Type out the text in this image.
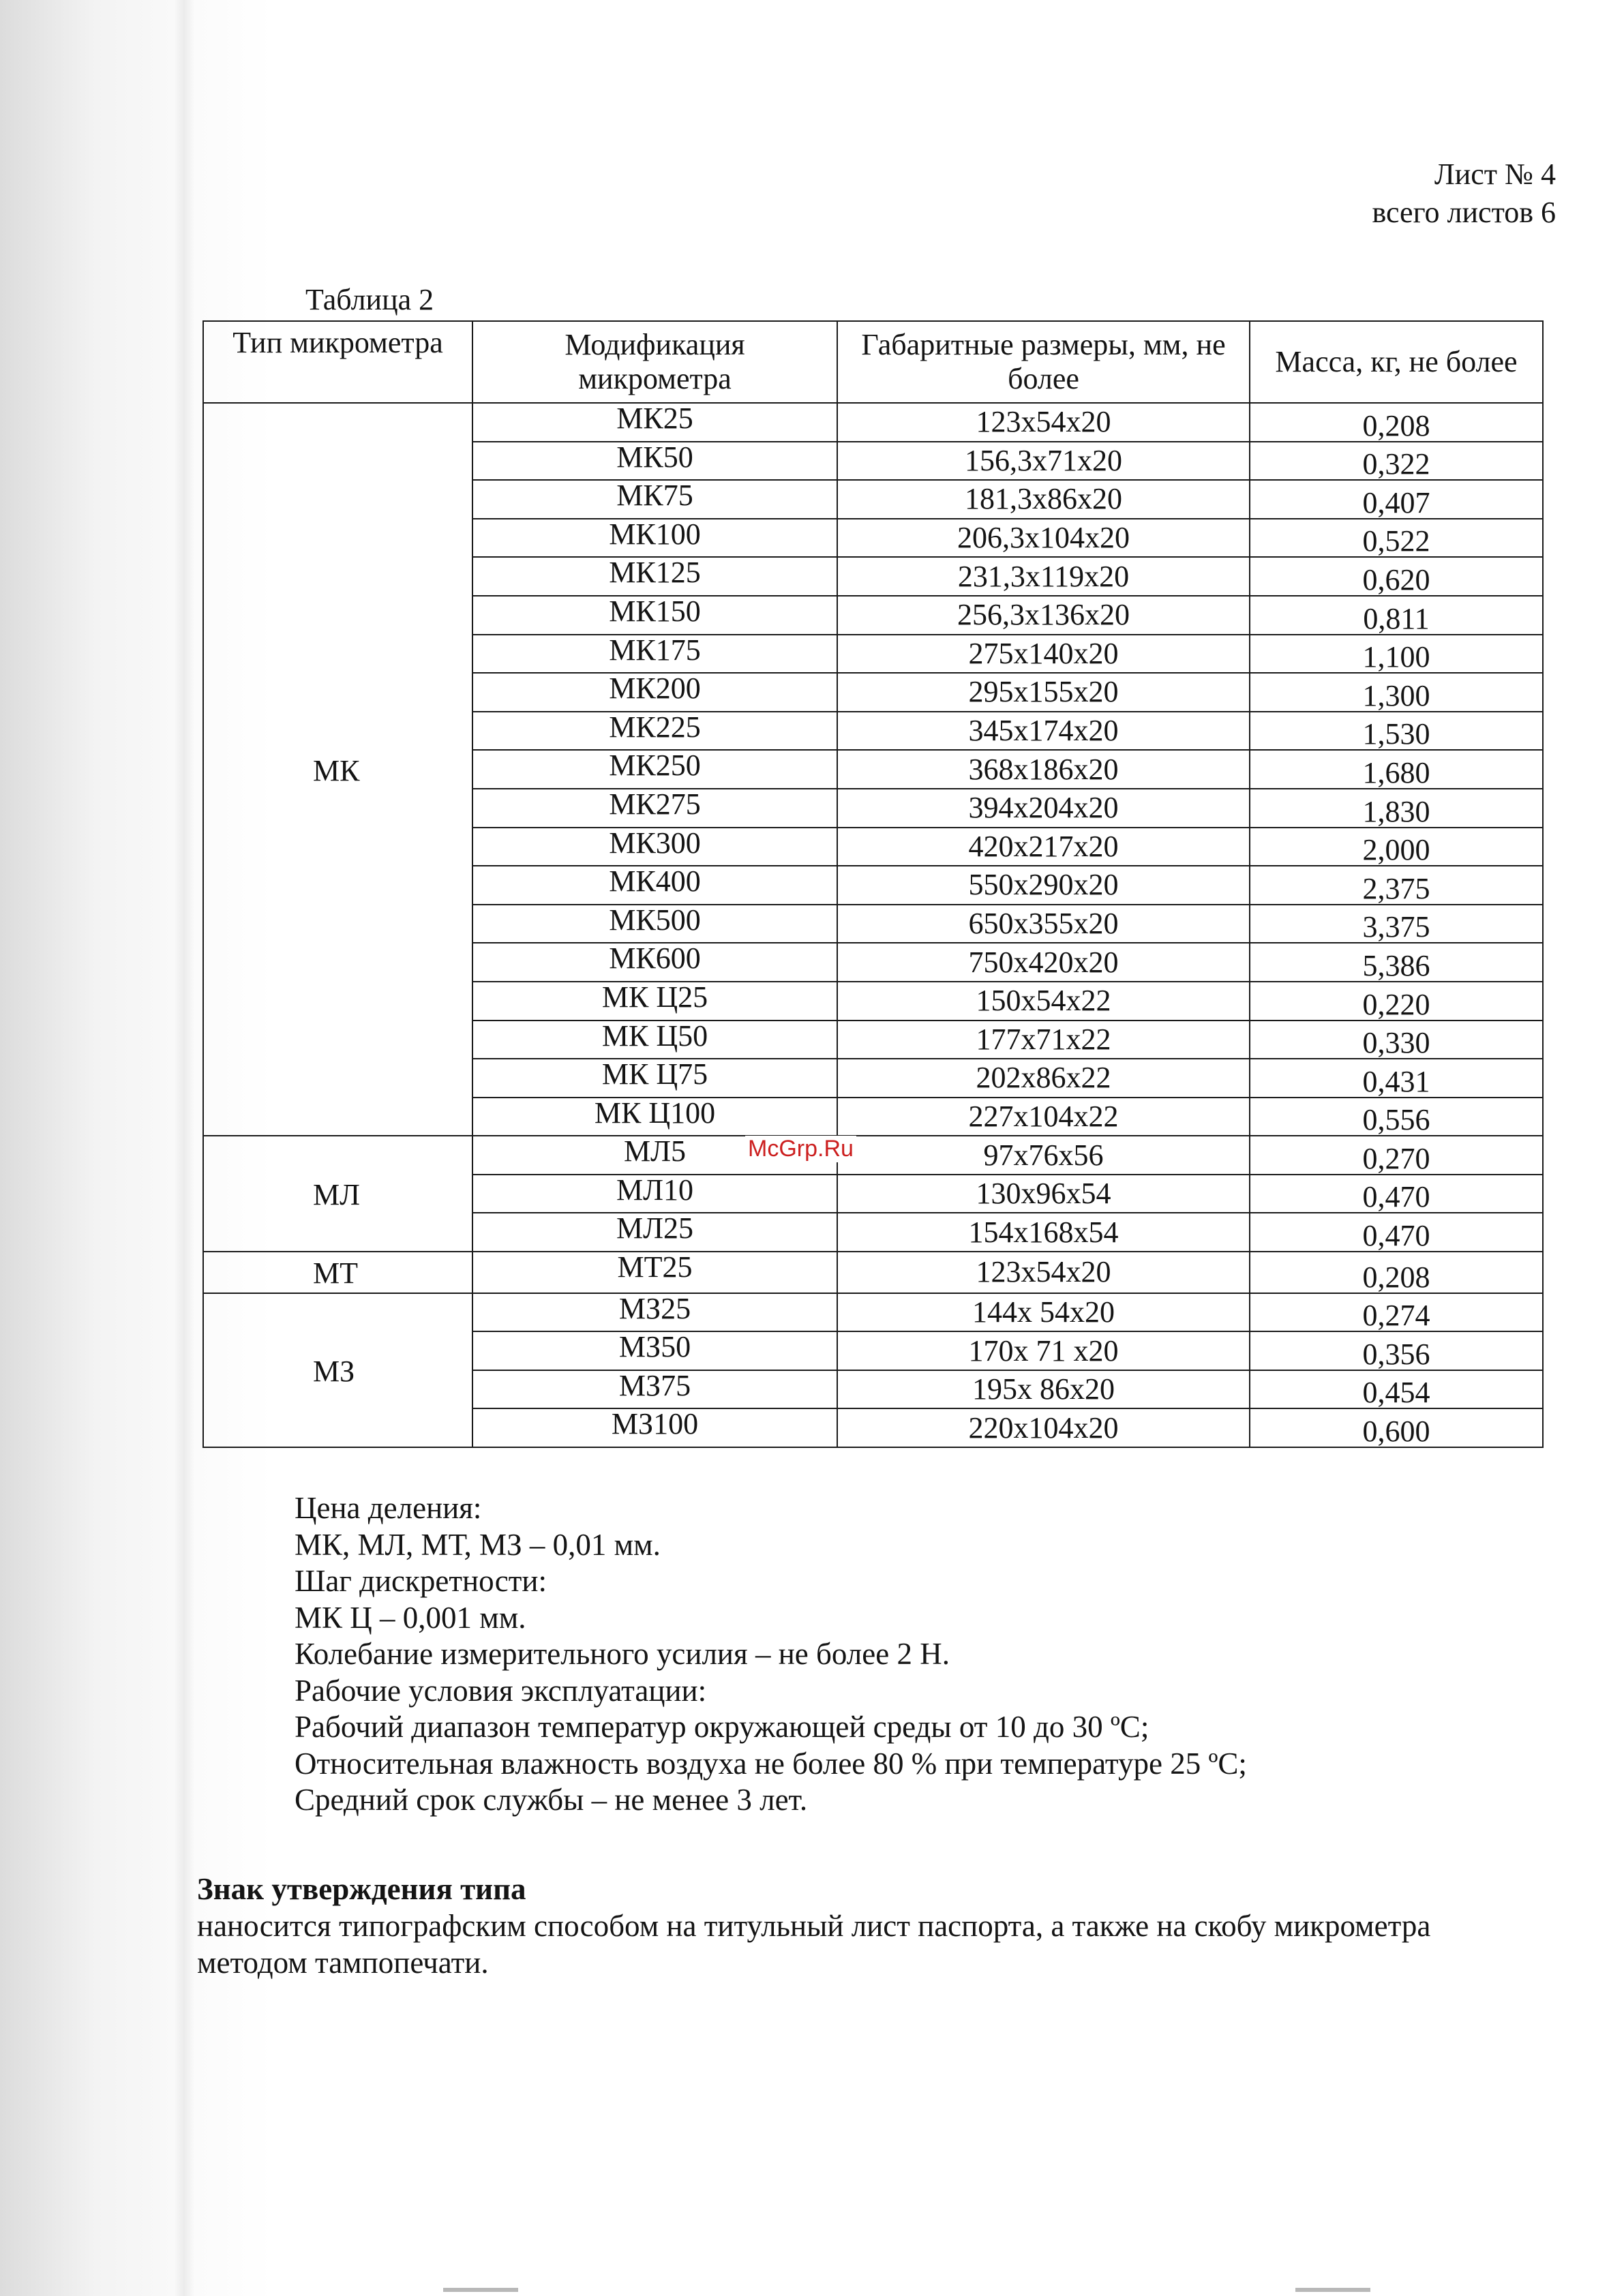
Лист № 4
всего листов 6
Таблица 2
Тип микрометра	Модификация микрометра	Габаритные размеры, мм, не более	Масса, кг, не более
МК	МК25	123x54x20	0,208
	МК50	156,3x71x20	0,322
	МК75	181,3x86x20	0,407
	МК100	206,3x104x20	0,522
	МК125	231,3x119x20	0,620
	МК150	256,3x136x20	0,811
	МК175	275x140x20	1,100
	МК200	295x155x20	1,300
	МК225	345x174x20	1,530
	МК250	368x186x20	1,680
	МК275	394x204x20	1,830
	МК300	420x217x20	2,000
	МК400	550x290x20	2,375
	МК500	650x355x20	3,375
	МК600	750x420x20	5,386
	МК Ц25	150x54x22	0,220
	МК Ц50	177x71x22	0,330
	МК Ц75	202x86x22	0,431
	МК Ц100	227x104x22	0,556
МЛ	МЛ5	97x76x56	0,270
	МЛ10	130x96x54	0,470
	МЛ25	154x168x54	0,470
МТ	МТ25	123x54x20	0,208
МЗ	МЗ25	144x 54x20	0,274
	МЗ50	170x 71 x20	0,356
	МЗ75	195x 86x20	0,454
	МЗ100	220x104x20	0,600
McGrp.Ru
Цена деления:
МК, МЛ, МТ, МЗ – 0,01 мм.
Шаг дискретности:
МК Ц – 0,001 мм.
Колебание измерительного усилия – не более 2 Н.
Рабочие условия эксплуатации:
Рабочий диапазон температур окружающей среды от 10 до 30 ºС;
Относительная влажность воздуха не более 80 % при температуре 25 ºС;
Средний срок службы – не менее 3 лет.
Знак утверждения типа
наносится типографским способом на титульный лист паспорта, а также на скобу микрометра
методом тампопечати.
